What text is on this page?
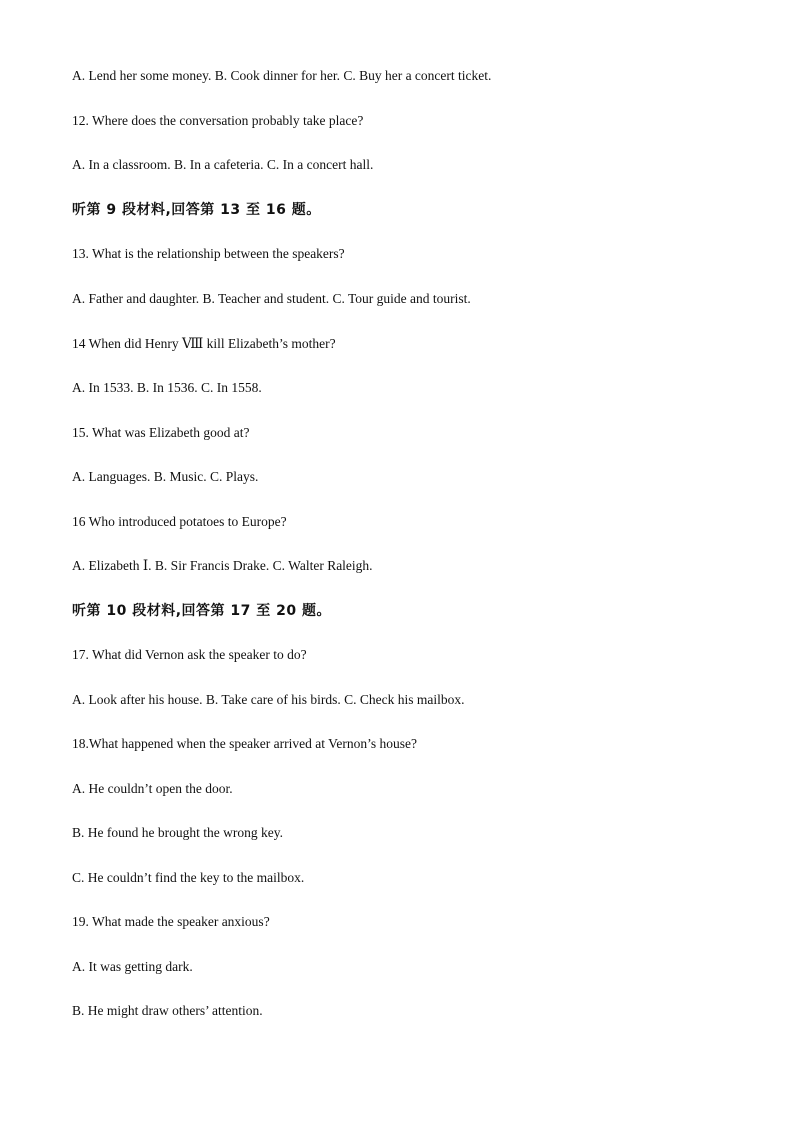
A. Lend her some money. B. Cook dinner for her. C. Buy her a concert ticket.
12. Where does the conversation probably take place?
A. In a classroom. B. In a cafeteria. C. In a concert hall.
听第 9 段材料,回答第 13 至 16 题。
13. What is the relationship between the speakers?
A. Father and daughter. B. Teacher and student. C. Tour guide and tourist.
14 When did Henry Ⅷ kill Elizabeth’s mother?
A. In 1533. B. In 1536. C. In 1558.
15. What was Elizabeth good at?
A. Languages. B. Music. C. Plays.
16 Who introduced potatoes to Europe?
A. Elizabeth Ⅰ. B. Sir Francis Drake. C. Walter Raleigh.
听第 10 段材料,回答第 17 至 20 题。
17. What did Vernon ask the speaker to do?
A. Look after his house. B. Take care of his birds. C. Check his mailbox.
18.What happened when the speaker arrived at Vernon’s house?
A. He couldn’t open the door.
B. He found he brought the wrong key.
C. He couldn’t find the key to the mailbox.
19. What made the speaker anxious?
A. It was getting dark.
B. He might draw others’ attention.
